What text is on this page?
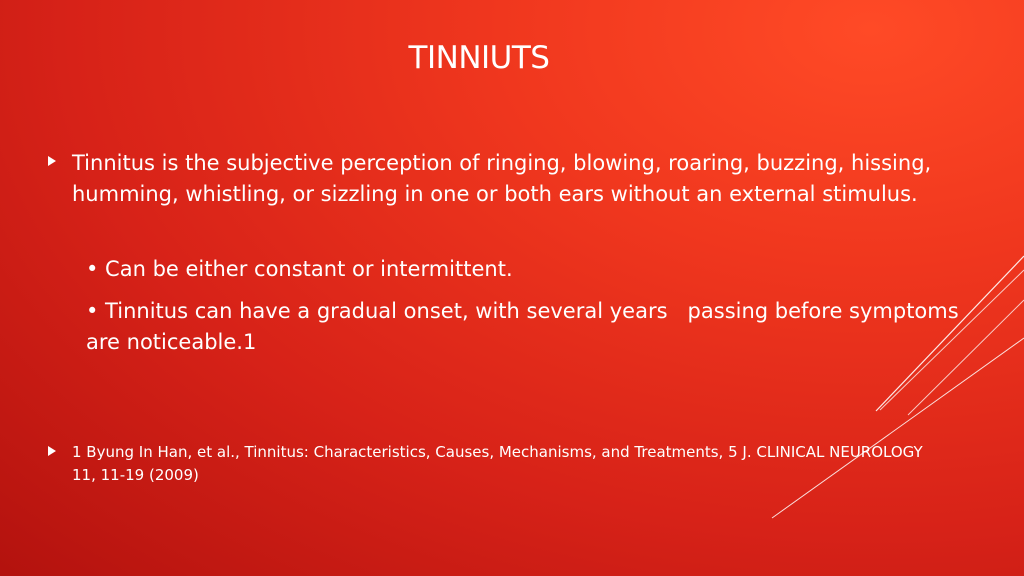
TINNIUTS
Tinnitus is the subjective perception of ringing, blowing, roaring, buzzing, hissing, humming, whistling, or sizzling in one or both ears without an external stimulus.
• Can be either constant or intermittent.
• Tinnitus can have a gradual onset, with several years   passing before symptoms are noticeable.1
1 Byung In Han, et al., Tinnitus: Characteristics, Causes, Mechanisms, and Treatments, 5 J. CLINICAL NEUROLOGY 11, 11-19 (2009)
